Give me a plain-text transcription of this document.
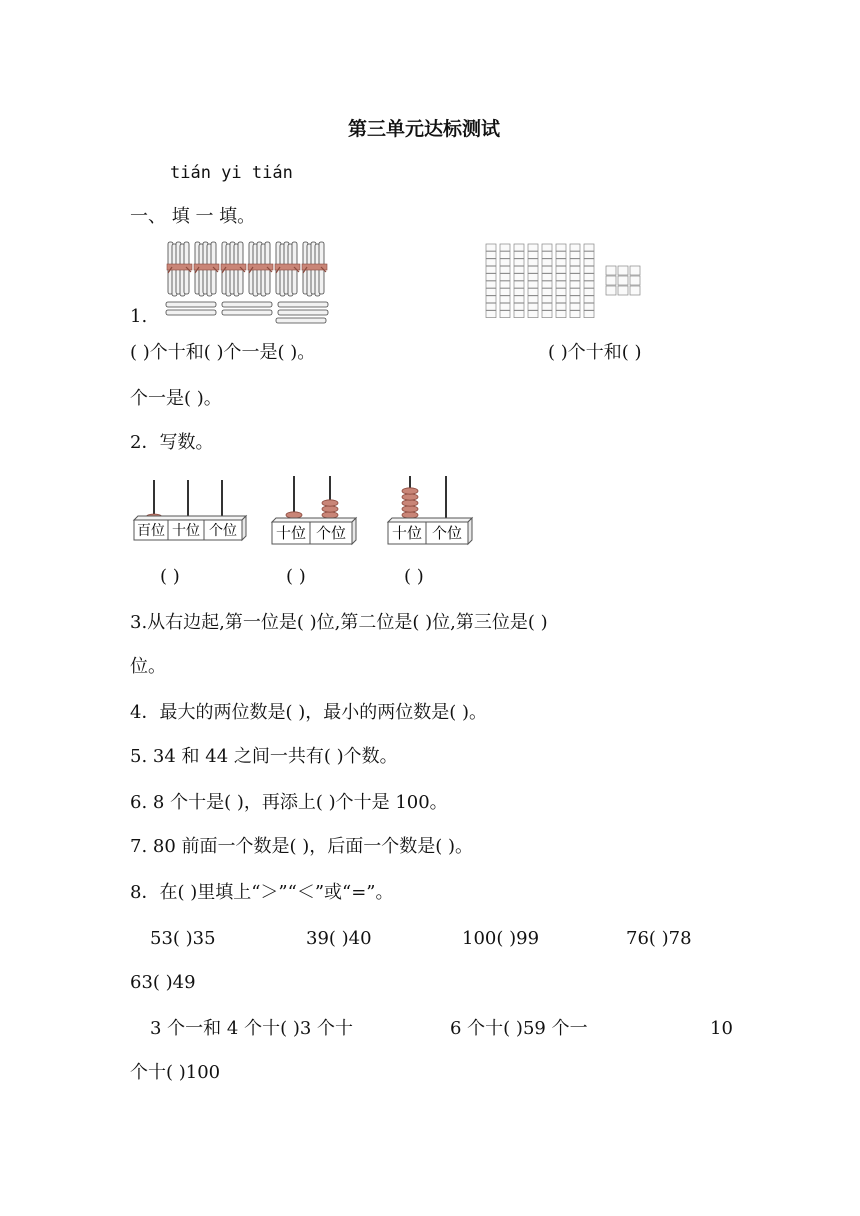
第三单元达标测试
tián yi tián
一、 填 一 填。
1.
( )个十和( )个一是( )。	( )个十和( )
个一是( )。
2．写数。
百位 十位 个位	十位 个位	十位 个位
( )	( )	( )
3.从右边起,第一位是( )位,第二位是( )位,第三位是( )
位。
4．最大的两位数是( )，最小的两位数是( )。
5. 34 和 44 之间一共有( )个数。
6. 8 个十是( )，再添上( )个十是 100。
7. 80 前面一个数是( )，后面一个数是( )。
8．在( )里填上“＞”“＜”或“=”。
53( )35	39( )40	100( )99	76( )78
63( )49
3 个一和 4 个十( )3 个十	6 个十( )59 个一	10
个十( )100
